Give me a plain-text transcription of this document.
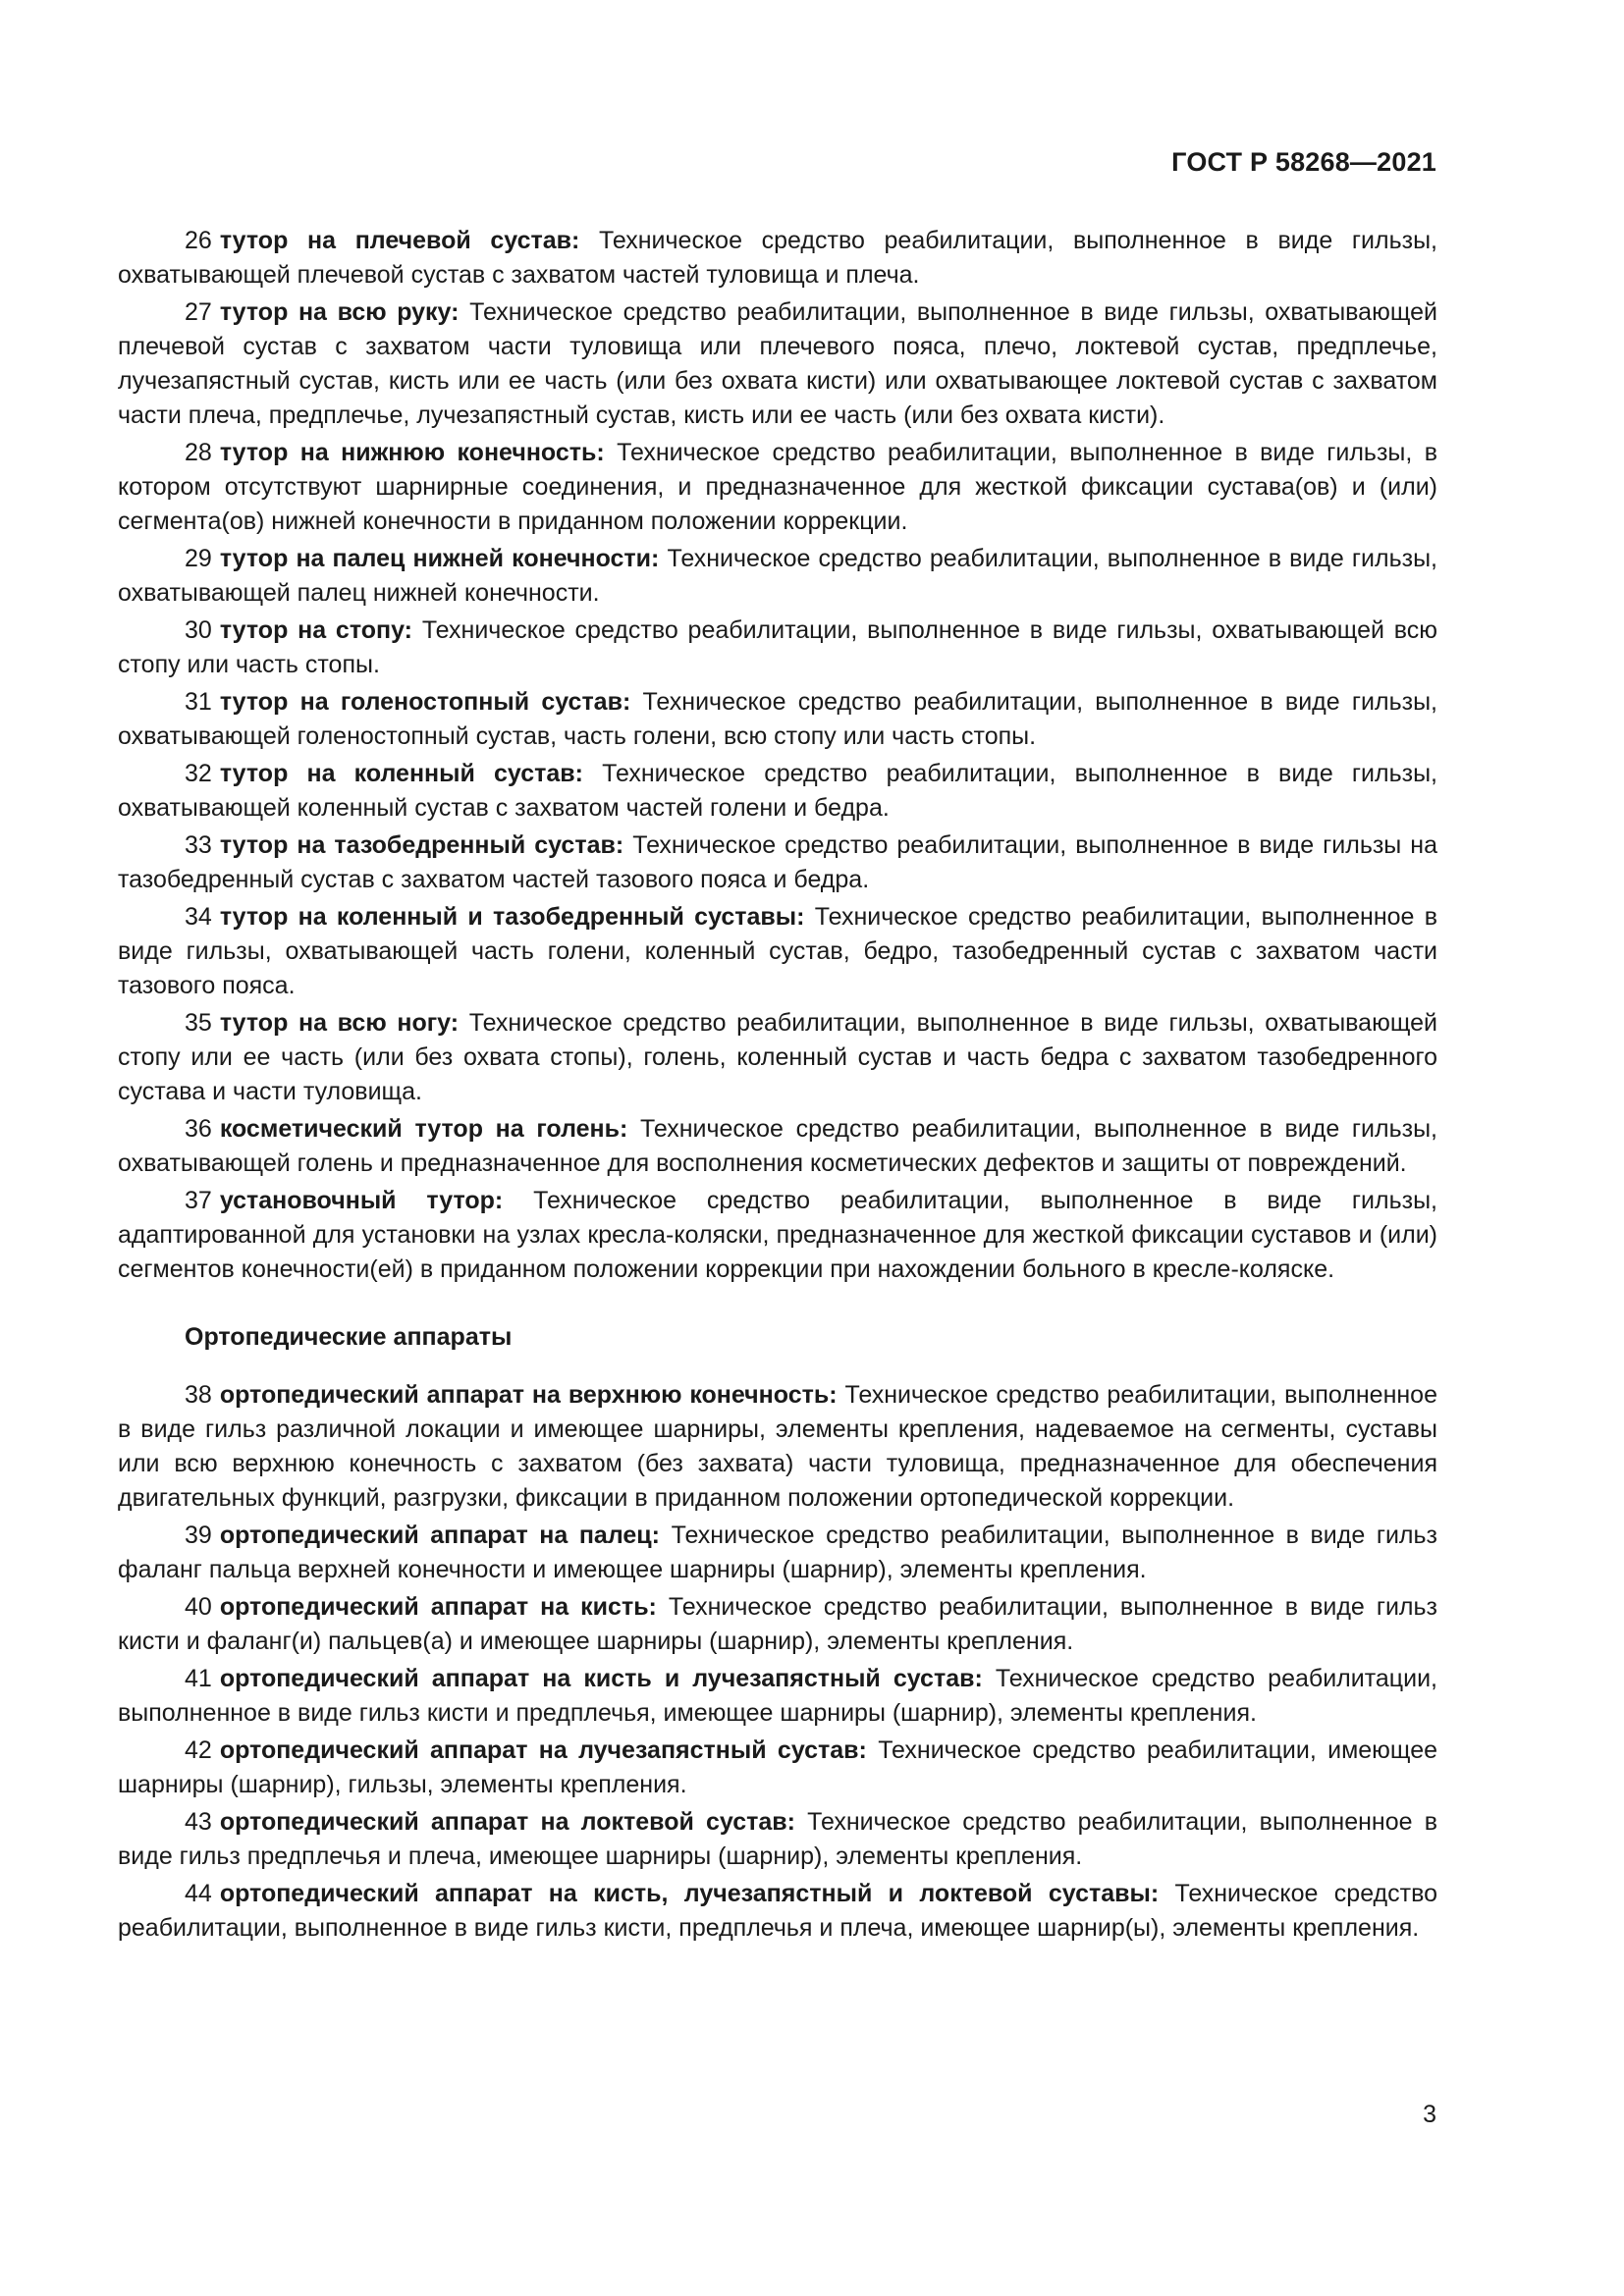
ГОСТ Р 58268—2021

26 тутор на плечевой сустав: Техническое средство реабилитации, выполненное в виде гильзы, охватывающей плечевой сустав с захватом частей туловища и плеча.

27 тутор на всю руку: Техническое средство реабилитации, выполненное в виде гильзы, охватывающей плечевой сустав с захватом части туловища или плечевого пояса, плечо, локтевой сустав, предплечье, лучезапястный сустав, кисть или ее часть (или без охвата кисти) или охватывающее локтевой сустав с захватом части плеча, предплечье, лучезапястный сустав, кисть или ее часть (или без охвата кисти).

28 тутор на нижнюю конечность: Техническое средство реабилитации, выполненное в виде гильзы, в котором отсутствуют шарнирные соединения, и предназначенное для жесткой фиксации сустава(ов) и (или) сегмента(ов) нижней конечности в приданном положении коррекции.

29 тутор на палец нижней конечности: Техническое средство реабилитации, выполненное в виде гильзы, охватывающей палец нижней конечности.

30 тутор на стопу: Техническое средство реабилитации, выполненное в виде гильзы, охватывающей всю стопу или часть стопы.

31 тутор на голеностопный сустав: Техническое средство реабилитации, выполненное в виде гильзы, охватывающей голеностопный сустав, часть голени, всю стопу или часть стопы.

32 тутор на коленный сустав: Техническое средство реабилитации, выполненное в виде гильзы, охватывающей коленный сустав с захватом частей голени и бедра.

33 тутор на тазобедренный сустав: Техническое средство реабилитации, выполненное в виде гильзы на тазобедренный сустав с захватом частей тазового пояса и бедра.

34 тутор на коленный и тазобедренный суставы: Техническое средство реабилитации, выполненное в виде гильзы, охватывающей часть голени, коленный сустав, бедро, тазобедренный сустав с захватом части тазового пояса.

35 тутор на всю ногу: Техническое средство реабилитации, выполненное в виде гильзы, охватывающей стопу или ее часть (или без охвата стопы), голень, коленный сустав и часть бедра с захватом тазобедренного сустава и части туловища.

36 косметический тутор на голень: Техническое средство реабилитации, выполненное в виде гильзы, охватывающей голень и предназначенное для восполнения косметических дефектов и защиты от повреждений.

37 установочный тутор: Техническое средство реабилитации, выполненное в виде гильзы, адаптированной для установки на узлах кресла-коляски, предназначенное для жесткой фиксации суставов и (или) сегментов конечности(ей) в приданном положении коррекции при нахождении больного в кресле-коляске.

Ортопедические аппараты

38 ортопедический аппарат на верхнюю конечность: Техническое средство реабилитации, выполненное в виде гильз различной локации и имеющее шарниры, элементы крепления, надеваемое на сегменты, суставы или всю верхнюю конечность с захватом (без захвата) части туловища, предназначенное для обеспечения двигательных функций, разгрузки, фиксации в приданном положении ортопедической коррекции.

39 ортопедический аппарат на палец: Техническое средство реабилитации, выполненное в виде гильз фаланг пальца верхней конечности и имеющее шарниры (шарнир), элементы крепления.

40 ортопедический аппарат на кисть: Техническое средство реабилитации, выполненное в виде гильз кисти и фаланг(и) пальцев(а) и имеющее шарниры (шарнир), элементы крепления.

41 ортопедический аппарат на кисть и лучезапястный сустав: Техническое средство реабилитации, выполненное в виде гильз кисти и предплечья, имеющее шарниры (шарнир), элементы крепления.

42 ортопедический аппарат на лучезапястный сустав: Техническое средство реабилитации, имеющее шарниры (шарнир), гильзы, элементы крепления.

43 ортопедический аппарат на локтевой сустав: Техническое средство реабилитации, выполненное в виде гильз предплечья и плеча, имеющее шарниры (шарнир), элементы крепления.

44 ортопедический аппарат на кисть, лучезапястный и локтевой суставы: Техническое средство реабилитации, выполненное в виде гильз кисти, предплечья и плеча, имеющее шарнир(ы), элементы крепления.

3
